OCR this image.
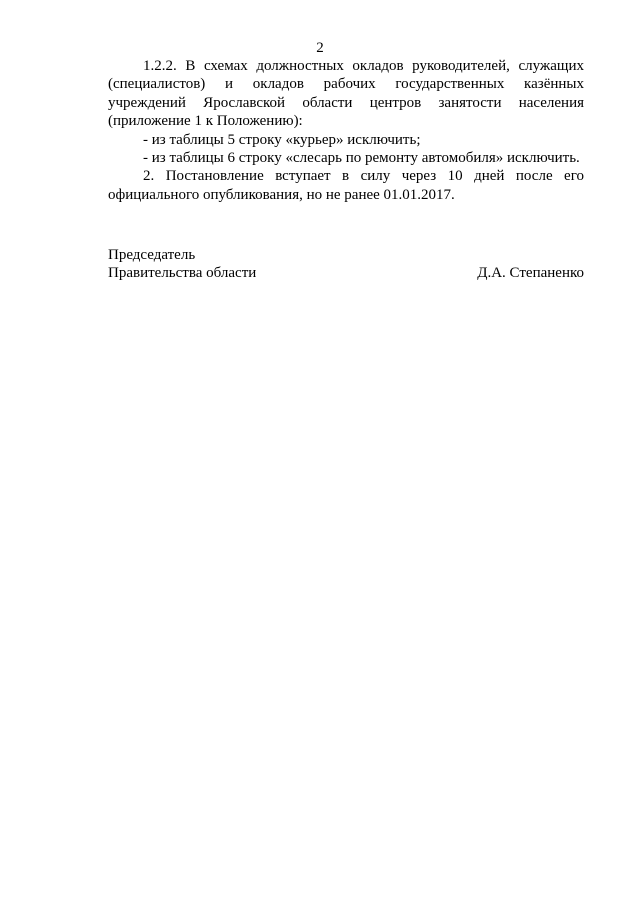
2

1.2.2. В схемах должностных окладов руководителей, служащих (специалистов) и окладов рабочих государственных казённых учреждений Ярославской области центров занятости населения (приложение 1 к Положению):

- из таблицы 5 строку «курьер» исключить;

- из таблицы 6 строку «слесарь по ремонту автомобиля» исключить.

2. Постановление вступает в силу через 10 дней после его официального опубликования, но не ранее 01.01.2017.

Председатель
Правительства области	Д.А. Степаненко
